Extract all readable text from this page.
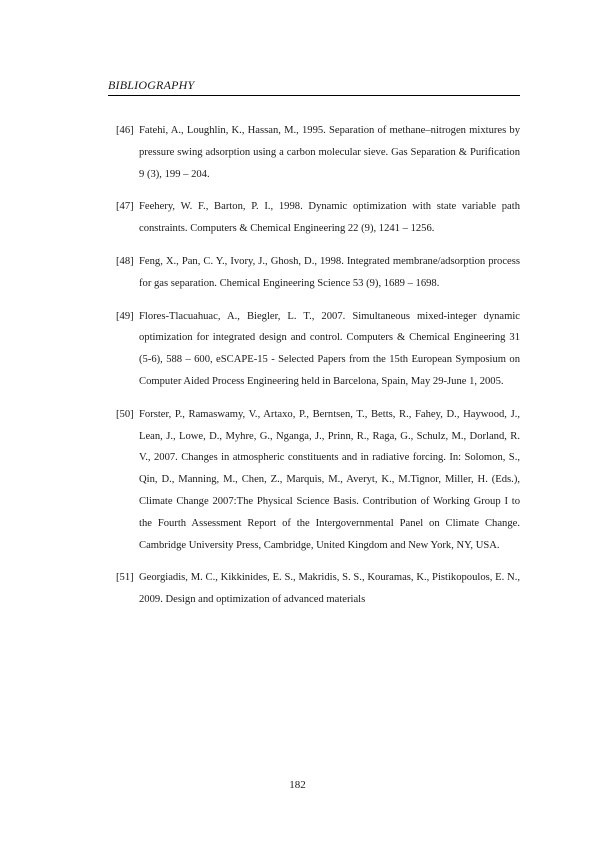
BIBLIOGRAPHY
[46] Fatehi, A., Loughlin, K., Hassan, M., 1995. Separation of methane–nitrogen mixtures by pressure swing adsorption using a carbon molecular sieve. Gas Separation & Purification 9 (3), 199 – 204.
[47] Feehery, W. F., Barton, P. I., 1998. Dynamic optimization with state variable path constraints. Computers & Chemical Engineering 22 (9), 1241 – 1256.
[48] Feng, X., Pan, C. Y., Ivory, J., Ghosh, D., 1998. Integrated membrane/adsorption process for gas separation. Chemical Engineering Science 53 (9), 1689 – 1698.
[49] Flores-Tlacuahuac, A., Biegler, L. T., 2007. Simultaneous mixed-integer dynamic optimization for integrated design and control. Computers & Chemical Engineering 31 (5-6), 588 – 600, eSCAPE-15 - Selected Papers from the 15th European Symposium on Computer Aided Process Engineering held in Barcelona, Spain, May 29-June 1, 2005.
[50] Forster, P., Ramaswamy, V., Artaxo, P., Berntsen, T., Betts, R., Fahey, D., Haywood, J., Lean, J., Lowe, D., Myhre, G., Nganga, J., Prinn, R., Raga, G., Schulz, M., Dorland, R. V., 2007. Changes in atmospheric constituents and in radiative forcing. In: Solomon, S., Qin, D., Manning, M., Chen, Z., Marquis, M., Averyt, K., M.Tignor, Miller, H. (Eds.), Climate Change 2007:The Physical Science Basis. Contribution of Working Group I to the Fourth Assessment Report of the Intergovernmental Panel on Climate Change. Cambridge University Press, Cambridge, United Kingdom and New York, NY, USA.
[51] Georgiadis, M. C., Kikkinides, E. S., Makridis, S. S., Kouramas, K., Pistikopoulos, E. N., 2009. Design and optimization of advanced materials
182
